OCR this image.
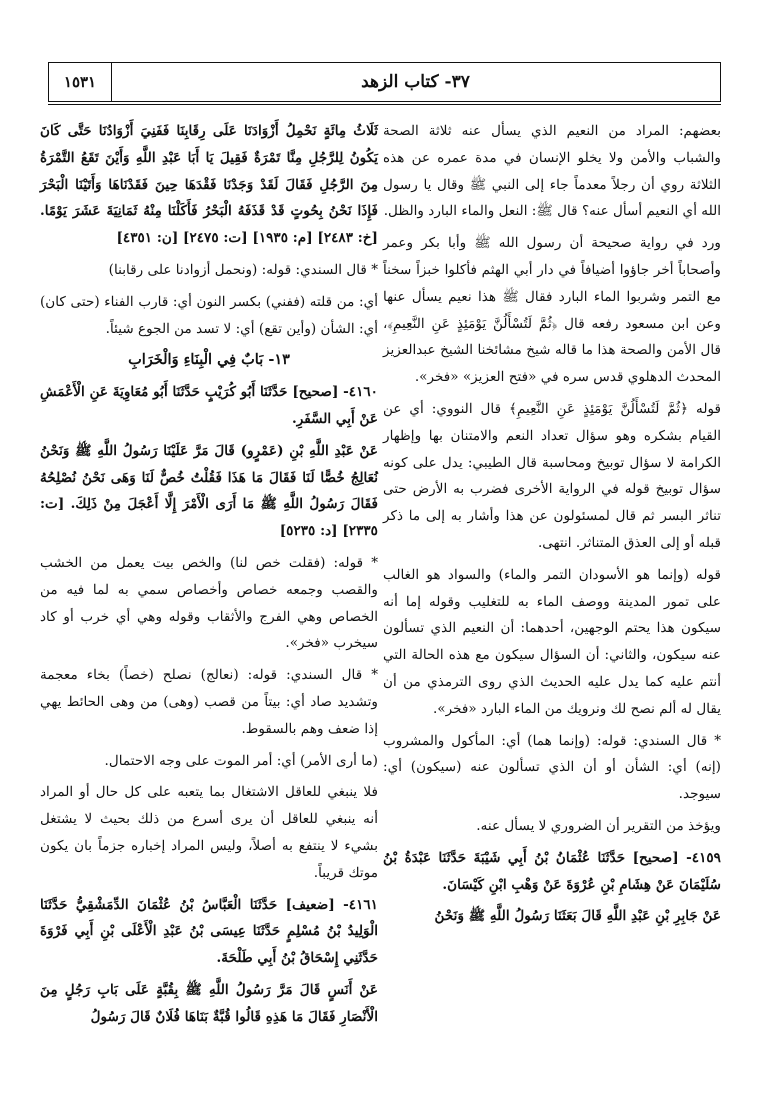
١٥٣١	٣٧- كتاب الزهد

بعضهم: المراد من النعيم الذي يسأل عنه ثلاثة الصحة والشباب والأمن ولا يخلو الإنسان في مدة عمره عن هذه الثلاثة روي أن رجلاً معدماً جاء إلى النبي ﷺ وقال يا رسول الله أي النعيم أسأل عنه؟ قال ﷺ: النعل والماء البارد والظل.

ورد في رواية صحيحة أن رسول الله ﷺ وأبا بكر وعمر وأصحاباً أخر جاؤوا أضيافاً في دار أبي الهثم فأكلوا خبزاً سخناً مع التمر وشربوا الماء البارد فقال ﷺ هذا نعيم يسأل عنها وعن ابن مسعود رفعه قال ﴿ثُمَّ لَتُسْأَلُنَّ يَوْمَئِذٍ عَنِ النَّعِيمِ﴾، قال الأمن والصحة هذا ما قاله شيخ مشائخنا الشيخ عبدالعزيز المحدث الدهلوي قدس سره في «فتح العزيز» «فخر».

قوله ﴿ثُمَّ لَتُسْأَلُنَّ يَوْمَئِذٍ عَنِ النَّعِيمِ﴾ قال النووي: أي عن القيام بشكره وهو سؤال تعداد النعم والامتنان بها وإظهار الكرامة لا سؤال توبيخ ومحاسبة قال الطيبي: يدل على كونه سؤال توبيخ قوله في الرواية الأخرى فضرب به الأرض حتى تناثر البسر ثم قال لمسئولون عن هذا وأشار به إلى ما ذكر قبله أو إلى العذق المتناثر. انتهى.

قوله (وإنما هو الأسودان التمر والماء) والسواد هو الغالب على تمور المدينة ووصف الماء به للتغليب وقوله إما أنه سيكون هذا يحتم الوجهين، أحدهما: أن النعيم الذي تسألون عنه سيكون، والثاني: أن السؤال سيكون مع هذه الحالة التي أنتم عليه كما يدل عليه الحديث الذي روى الترمذي من أن يقال له ألم نصح لك ونرويك من الماء البارد «فخر».

* قال السندي: قوله: (وإنما هما) أي: المأكول والمشروب (إنه) أي: الشأن أو أن الذي تسألون عنه (سيكون) أي: سيوجد.

ويؤخذ من التقرير أن الضروري لا يسأل عنه.

٤١٥٩- [صحيح] حَدَّثَنَا عُثْمَانُ بْنُ أَبِي شَيْبَةَ حَدَّثَنَا عَبْدَةُ بْنُ سُلَيْمَانَ عَنْ هِشَامِ بْنِ عُرْوَةَ عَنْ وَهْبِ ابْنِ كَيْسَانَ.

عَنْ جَابِرِ بْنِ عَبْدِ اللَّهِ قَالَ بَعَثَنَا رَسُولُ اللَّهِ ﷺ وَنَحْنُ

ثَلَاثُ مِائَةٍ نَحْمِلُ أَزْوَادَنَا عَلَى رِقَابِنَا فَفَنِيَ أَزْوَادُنَا حَتَّى كَانَ يَكُونُ لِلرَّجُلِ مِنَّا تَمْرَةٌ فَقِيلَ يَا أَبَا عَبْدِ اللَّهِ وَأَيْنَ تَقَعُ التَّمْرَةُ مِنَ الرَّجُلِ فَقَالَ لَقَدْ وَجَدْنَا فَقْدَهَا حِينَ فَقَدْنَاهَا وَأَتَيْنَا الْبَحْرَ فَإِذَا نَحْنُ بِحُوتٍ قَدْ قَذَفَهُ الْبَحْرُ فَأَكَلْنَا مِنْهُ ثَمَانِيَةَ عَشَرَ يَوْمًا. [خ: ٢٤٨٣] [م: ١٩٣٥] [ت: ٢٤٧٥] [ن: ٤٣٥١]

* قال السندي: قوله: (ونحمل أزوادنا على رقابنا)

أي: من قلته (ففني) بكسر النون أي: قارب الفناء (حتى كان) أي: الشأن (وأين تقع) أي: لا تسد من الجوع شيئاً.

١٣- بَابٌ فِي الْبِنَاءِ وَالْخَرَابِ

٤١٦٠- [صحيح] حَدَّثَنَا أَبُو كُرَيْبٍ حَدَّثَنَا أَبُو مُعَاوِيَةَ عَنِ الْأَعْمَشِ عَنْ أَبِي السَّفَرِ.

عَنْ عَبْدِ اللَّهِ بْنِ (عَمْرٍو) قَالَ مَرَّ عَلَيْنَا رَسُولُ اللَّهِ ﷺ وَنَحْنُ نُعَالِجُ خُصًّا لَنَا فَقَالَ مَا هَذَا فَقُلْتُ خُصٌّ لَنَا وَهَى نَحْنُ نُصْلِحُهُ فَقَالَ رَسُولُ اللَّهِ ﷺ مَا أَرَى الْأَمْرَ إِلَّا أَعْجَلَ مِنْ ذَلِكَ. [ت: ٢٣٣٥] [د: ٥٢٣٥]

* قوله: (فقلت خص لنا) والخص بيت يعمل من الخشب والقصب وجمعه خصاص وأخصاص سمي به لما فيه من الخصاص وهي الفرج والأثقاب وقوله وهي أي خرب أو كاد سيخرب «فخر».

* قال السندي: قوله: (نعالج) نصلح (خصاً) بخاء معجمة وتشديد صاد أي: بيتاً من قصب (وهى) من وهى الحائط يهي إذا ضعف وهم بالسقوط.

(ما أرى الأمر) أي: أمر الموت على وجه الاحتمال.

فلا ينبغي للعاقل الاشتغال بما يتعبه على كل حال أو المراد أنه ينبغي للعاقل أن يرى أسرع من ذلك بحيث لا يشتغل بشيء لا ينتفع به أصلاً، وليس المراد إخباره جزماً بان يكون موتك قريباً.

٤١٦١- [ضعيف] حَدَّثَنَا الْعَبَّاسُ بْنُ عُثْمَانَ الدِّمَشْقِيُّ حَدَّثَنَا الْوَلِيدُ بْنُ مُسْلِمٍ حَدَّثَنَا عِيسَى بْنُ عَبْدِ الْأَعْلَى بْنِ أَبِي فَرْوَةَ حَدَّثَنِي إِسْحَاقُ بْنُ أَبِي طَلْحَةَ.

عَنْ أَنَسٍ قَالَ مَرَّ رَسُولُ اللَّهِ ﷺ بِقُبَّةٍ عَلَى بَابِ رَجُلٍ مِنَ الْأَنْصَارِ فَقَالَ مَا هَذِهِ قَالُوا قُبَّةٌ بَنَاهَا فُلَانٌ قَالَ رَسُولُ
